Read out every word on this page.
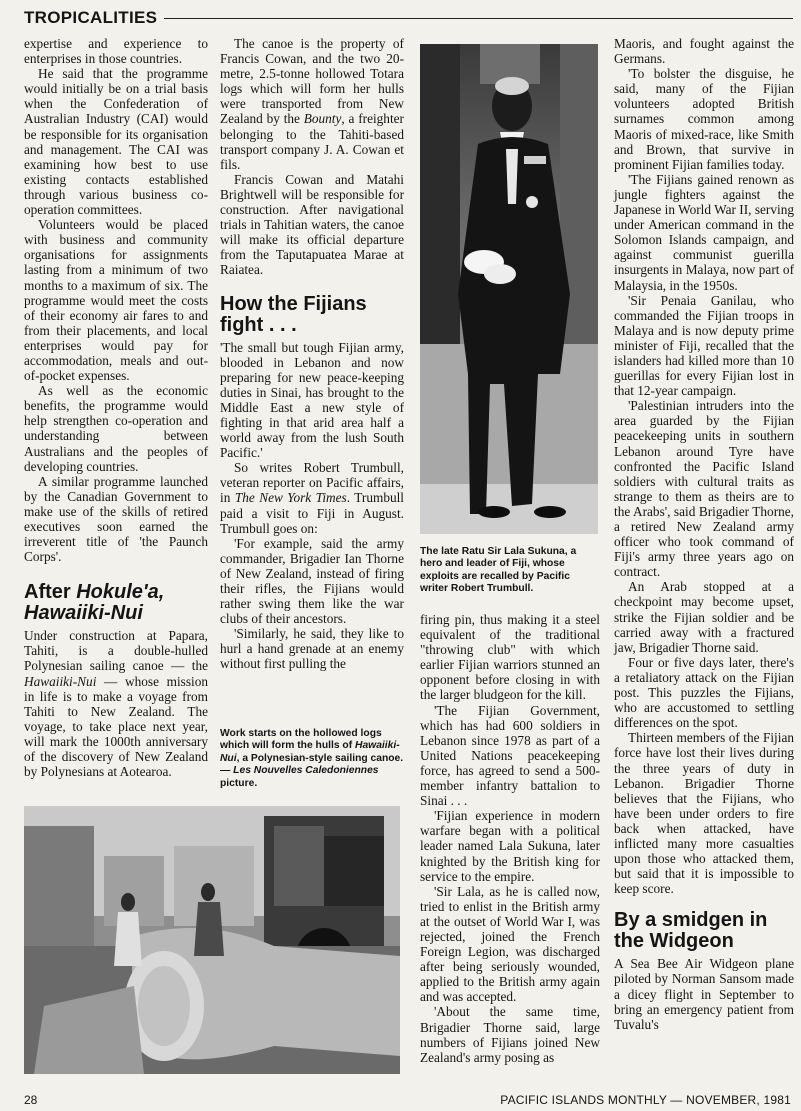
TROPICALITIES

expertise and experience to enterprises in those countries.

He said that the programme would initially be on a trial basis when the Confederation of Australian Industry (CAI) would be responsible for its organisation and management. The CAI was examining how best to use existing contacts established through various business co-operation committees.

Volunteers would be placed with business and community organisations for assignments lasting from a minimum of two months to a maximum of six. The programme would meet the costs of their economy air fares to and from their placements, and local enterprises would pay for accommodation, meals and out-of-pocket expenses.

As well as the economic benefits, the programme would help strengthen co-operation and understanding between Australians and the peoples of developing countries.

A similar programme launched by the Canadian Government to make use of the skills of retired executives soon earned the irreverent title of 'the Paunch Corps'.

After Hokule'a,
Hawaiiki-Nui

Under construction at Papara, Tahiti, is a double-hulled Polynesian sailing canoe — the Hawaiiki-Nui — whose mission in life is to make a voyage from Tahiti to New Zealand. The voyage, to take place next year, will mark the 1000th anniversary of the discovery of New Zealand by Polynesians at Aotearoa.

The canoe is the property of Francis Cowan, and the two 20-metre, 2.5-tonne hollowed Totara logs which will form her hulls were transported from New Zealand by the Bounty, a freighter belonging to the Tahiti-based transport company J. A. Cowan et fils.

Francis Cowan and Matahi Brightwell will be responsible for construction. After navigational trials in Tahitian waters, the canoe will make its official departure from the Taputapuatea Marae at Raiatea.

How the Fijians fight . . .

'The small but tough Fijian army, blooded in Lebanon and now preparing for new peace-keeping duties in Sinai, has brought to the Middle East a new style of fighting in that arid area half a world away from the lush South Pacific.'

So writes Robert Trumbull, veteran reporter on Pacific affairs, in The New York Times. Trumbull paid a visit to Fiji in August. Trumbull goes on:

'For example, said the army commander, Brigadier Ian Thorne of New Zealand, instead of firing their rifles, the Fijians would rather swing them like the war clubs of their ancestors.

'Similarly, he said, they like to hurl a hand grenade at an enemy without first pulling the

Work starts on the hollowed logs which will form the hulls of Hawaiiki-Nui, a Polynesian-style sailing canoe. — Les Nouvelles Caledoniennes picture.
The late Ratu Sir Lala Sukuna, a hero and leader of Fiji, whose exploits are recalled by Pacific writer Robert Trumbull.

firing pin, thus making it a steel equivalent of the traditional "throwing club" with which earlier Fijian warriors stunned an opponent before closing in with the larger bludgeon for the kill.

'The Fijian Government, which has had 600 soldiers in Lebanon since 1978 as part of a United Nations peacekeeping force, has agreed to send a 500-member infantry battalion to Sinai . . .

'Fijian experience in modern warfare began with a political leader named Lala Sukuna, later knighted by the British king for service to the empire.

'Sir Lala, as he is called now, tried to enlist in the British army at the outset of World War I, was rejected, joined the French Foreign Legion, was discharged after being seriously wounded, applied to the British army again and was accepted.

'About the same time, Brigadier Thorne said, large numbers of Fijians joined New Zealand's army posing as

Maoris, and fought against the Germans.

'To bolster the disguise, he said, many of the Fijian volunteers adopted British surnames common among Maoris of mixed-race, like Smith and Brown, that survive in prominent Fijian families today.

'The Fijians gained renown as jungle fighters against the Japanese in World War II, serving under American command in the Solomon Islands campaign, and against communist guerilla insurgents in Malaya, now part of Malaysia, in the 1950s.

'Sir Penaia Ganilau, who commanded the Fijian troops in Malaya and is now deputy prime minister of Fiji, recalled that the islanders had killed more than 10 guerillas for every Fijian lost in that 12-year campaign.

'Palestinian intruders into the area guarded by the Fijian peacekeeping units in southern Lebanon around Tyre have confronted the Pacific Island soldiers with cultural traits as strange to them as theirs are to the Arabs', said Brigadier Thorne, a retired New Zealand army officer who took command of Fiji's army three years ago on contract.

An Arab stopped at a checkpoint may become upset, strike the Fijian soldier and be carried away with a fractured jaw, Brigadier Thorne said.

Four or five days later, there's a retaliatory attack on the Fijian post. This puzzles the Fijians, who are accustomed to settling differences on the spot.

Thirteen members of the Fijian force have lost their lives during the three years of duty in Lebanon. Brigadier Thorne believes that the Fijians, who have been under orders to fire back when attacked, have inflicted many more casualties upon those who attacked them, but said that it is impossible to keep score.

By a smidgen in the Widgeon

A Sea Bee Air Widgeon plane piloted by Norman Sansom made a dicey flight in September to bring an emergency patient from Tuvalu's

28	PACIFIC ISLANDS MONTHLY — NOVEMBER, 1981
